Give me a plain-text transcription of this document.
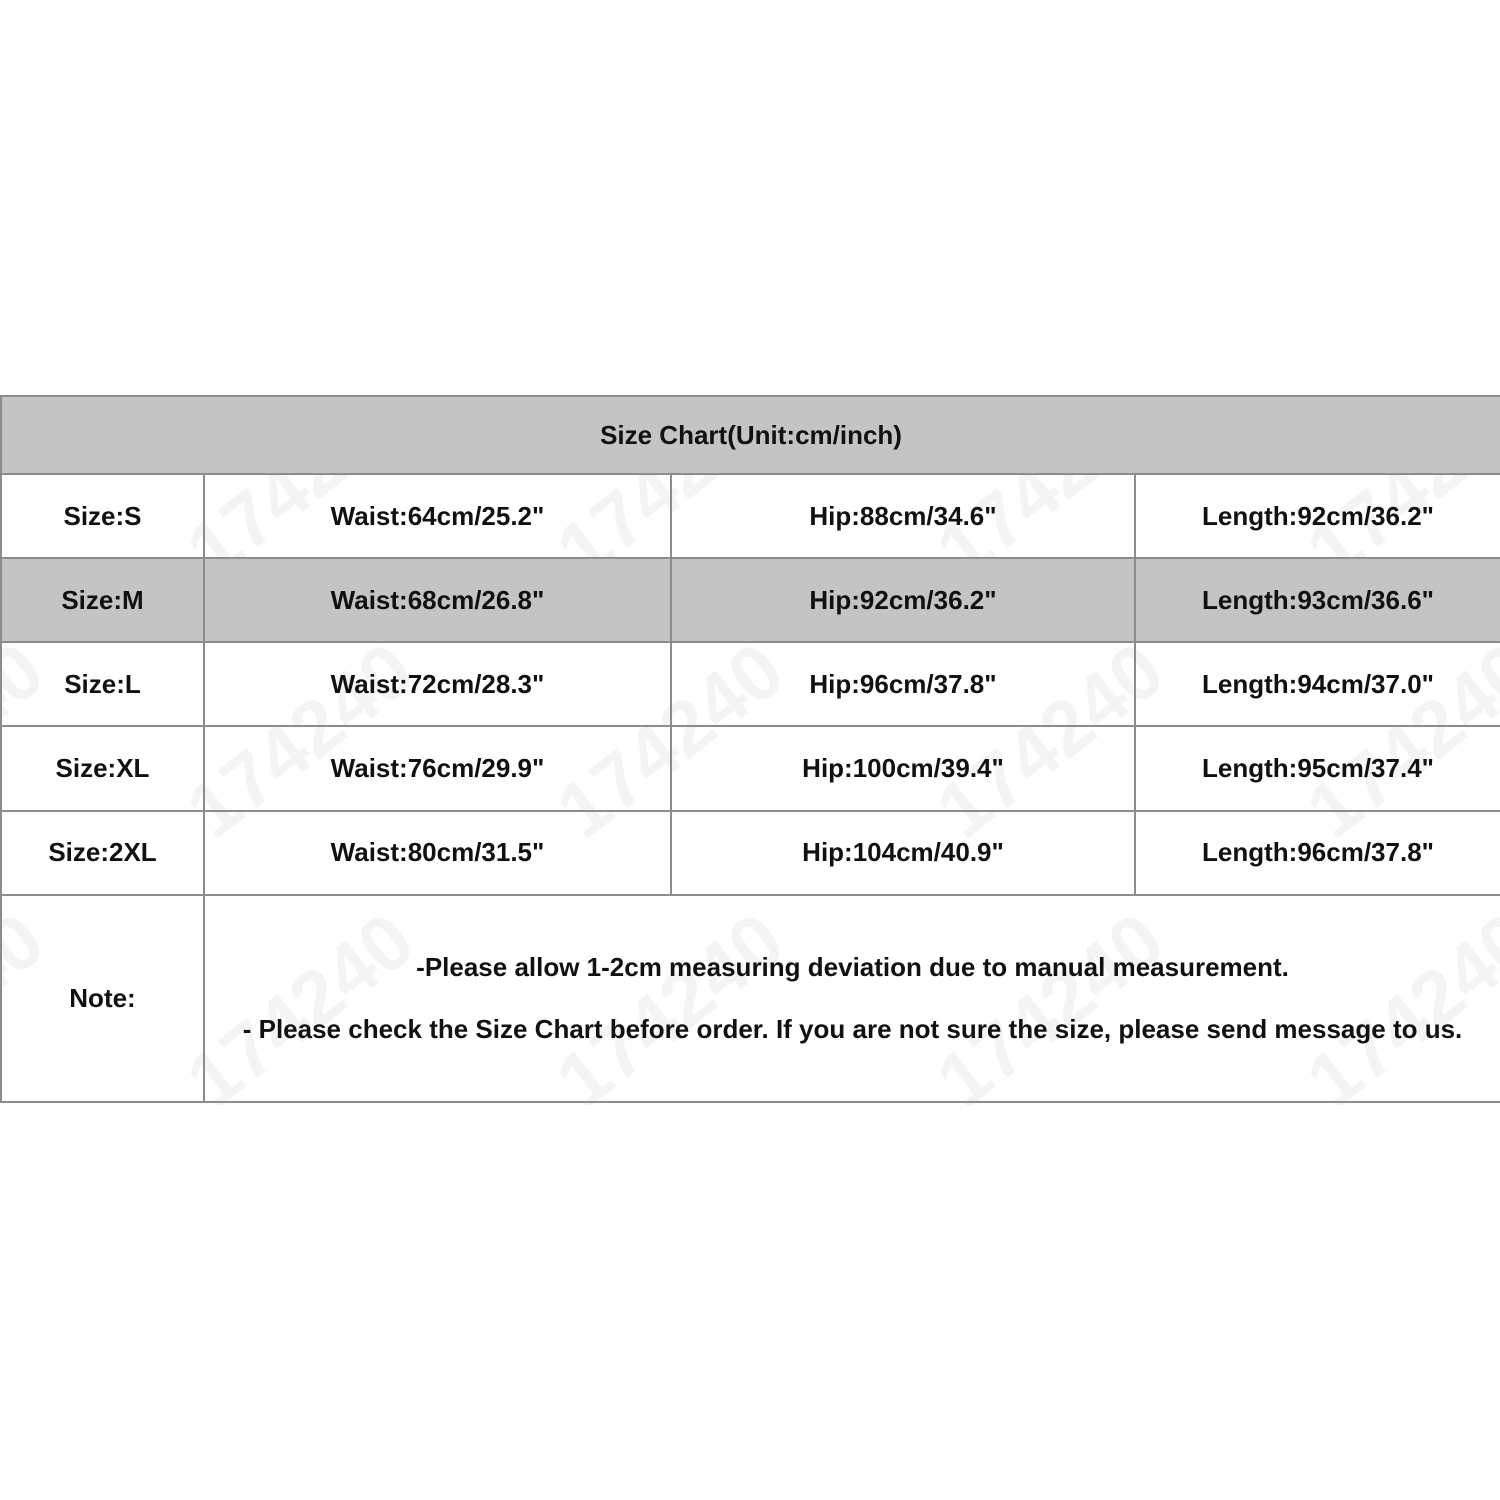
Size Chart(Unit:cm/inch)			
Size:S	Waist:64cm/25.2"	Hip:88cm/34.6"	Length:92cm/36.2"
Size:M	Waist:68cm/26.8"	Hip:92cm/36.2"	Length:93cm/36.6"
Size:L	Waist:72cm/28.3"	Hip:96cm/37.8"	Length:94cm/37.0"
Size:XL	Waist:76cm/29.9"	Hip:100cm/39.4"	Length:95cm/37.4"
Size:2XL	Waist:80cm/31.5"	Hip:104cm/40.9"	Length:96cm/37.8"
Note:	-Please allow 1-2cm measuring deviation due to manual measurement.
- Please check the Size Chart before order. If you are not sure the size, please send message to us.		
